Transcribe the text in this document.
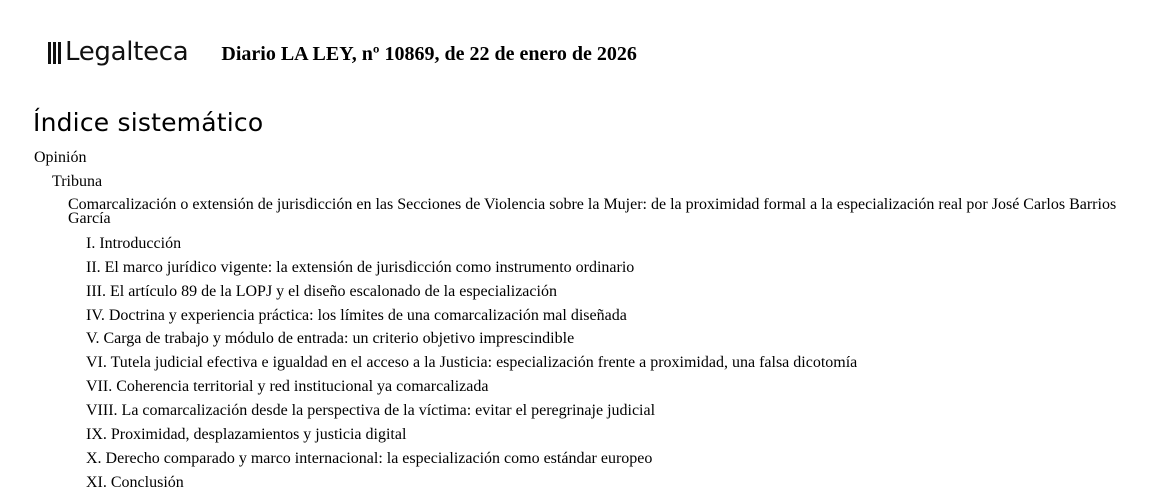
Legalteca Diario LA LEY, nº 10869, de 22 de enero de 2026
Índice sistemático
Opinión
Tribuna
Comarcalización o extensión de jurisdicción en las Secciones de Violencia sobre la Mujer: de la proximidad formal a la especialización real por José Carlos Barrios García
I. Introducción
II. El marco jurídico vigente: la extensión de jurisdicción como instrumento ordinario
III. El artículo 89 de la LOPJ y el diseño escalonado de la especialización
IV. Doctrina y experiencia práctica: los límites de una comarcalización mal diseñada
V. Carga de trabajo y módulo de entrada: un criterio objetivo imprescindible
VI. Tutela judicial efectiva e igualdad en el acceso a la Justicia: especialización frente a proximidad, una falsa dicotomía
VII. Coherencia territorial y red institucional ya comarcalizada
VIII. La comarcalización desde la perspectiva de la víctima: evitar el peregrinaje judicial
IX. Proximidad, desplazamientos y justicia digital
X. Derecho comparado y marco internacional: la especialización como estándar europeo
XI. Conclusión
